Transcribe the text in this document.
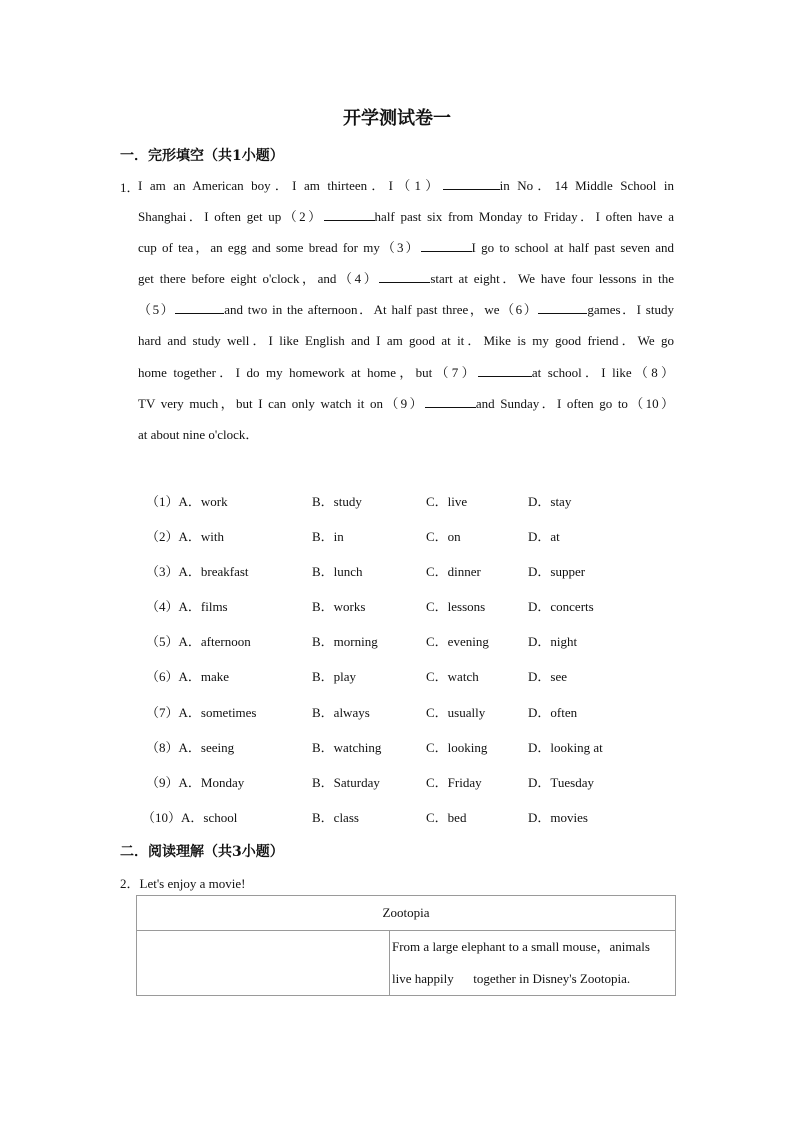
开学测试卷一
一．完形填空（共1小题）
1．
I am an American boy．I am thirteen．I（1）	in No．14 Middle School in
Shanghai．I often get up（2）	half past six from Monday to Friday．I often have a
cup of tea，an egg and some bread for my（3）	I go to school at half past seven and
get there before eight o'clock，and（4）	start at eight．We have four lessons in the
（5）	and two in the afternoon．At half past three，we（6）	games．I study
hard and study well．I like English and I am good at it．Mike is my good friend．We go
home together．I do my homework at home，but（7）	at school．I like（8）
TV very much，but I can only watch it on（9）	and Sunday．I often go to（10）
at about nine o'clock．
（1）A．work	B．study	C．live	D．stay
（2）A．with	B．in	C．on	D．at
（3）A．breakfast	B．lunch	C．dinner	D．supper
（4）A．films	B．works	C．lessons	D．concerts
（5）A．afternoon	B．morning	C．evening	D．night
（6）A．make	B．play	C．watch	D．see
（7）A．sometimes	B．always	C．usually	D．often
（8）A．seeing	B．watching	C．looking	D．looking at
（9）A．Monday	B．Saturday	C．Friday	D．Tuesday
（10）A．school	B．class	C．bed	D．movies
二．阅读理解（共3小题）
2．Let's enjoy a movie!
Zootopia

From a large elephant to a small mouse，animals
live happily      together in Disney's Zootopia.
